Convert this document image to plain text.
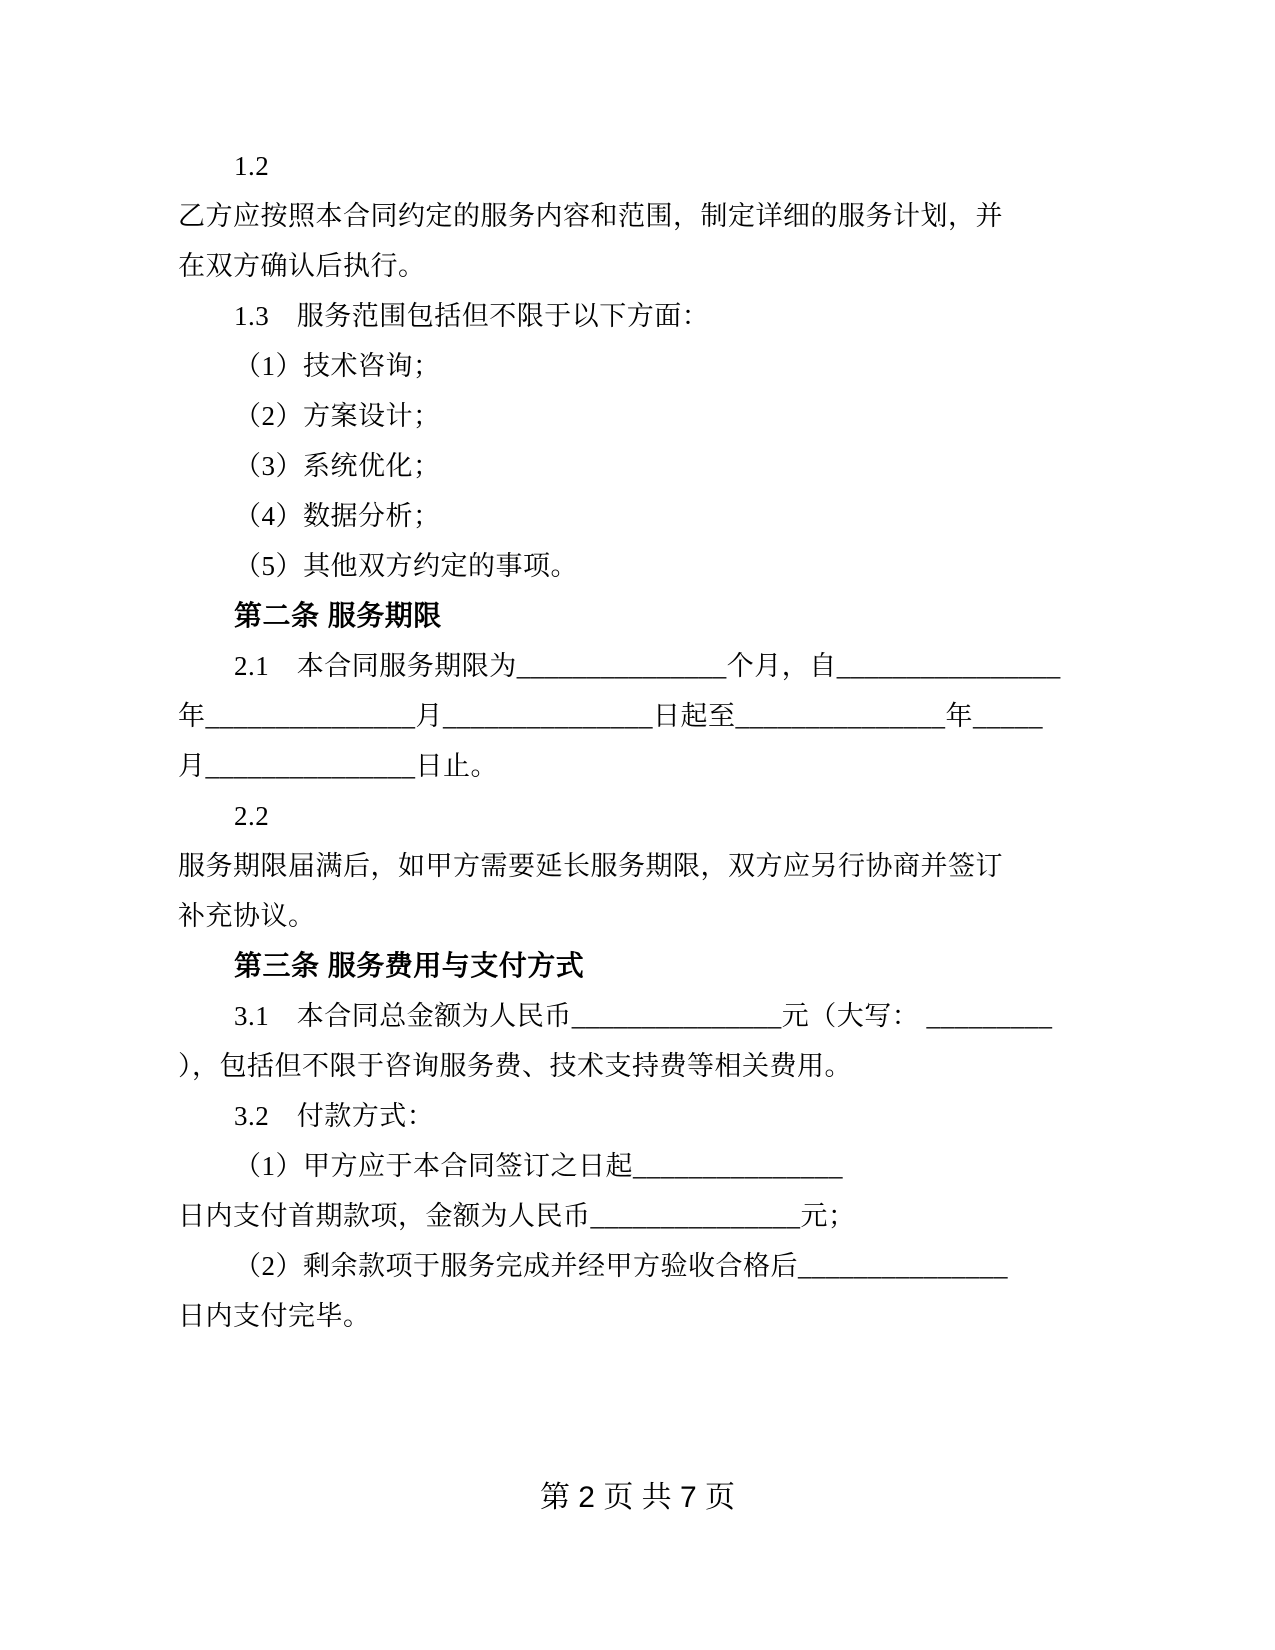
1.2

乙方应按照本合同约定的服务内容和范围，制定详细的服务计划，并

在双方确认后执行。

1.3　服务范围包括但不限于以下方面：

（1）技术咨询；

（2）方案设计；

（3）系统优化；

（4）数据分析；

（5）其他双方约定的事项。

第二条 服务期限

2.1　本合同服务期限为_______________个月，自________________

年_______________月_______________日起至_______________年_____

月_______________日止。

2.2

服务期限届满后，如甲方需要延长服务期限，双方应另行协商并签订

补充协议。

第三条 服务费用与支付方式

3.1　本合同总金额为人民币_______________元（大写： _________

），包括但不限于咨询服务费、技术支持费等相关费用。

3.2　付款方式：

（1）甲方应于本合同签订之日起_______________

日内支付首期款项，金额为人民币_______________元；

（2）剩余款项于服务完成并经甲方验收合格后_______________

日内支付完毕。

第 2 页 共 7 页
